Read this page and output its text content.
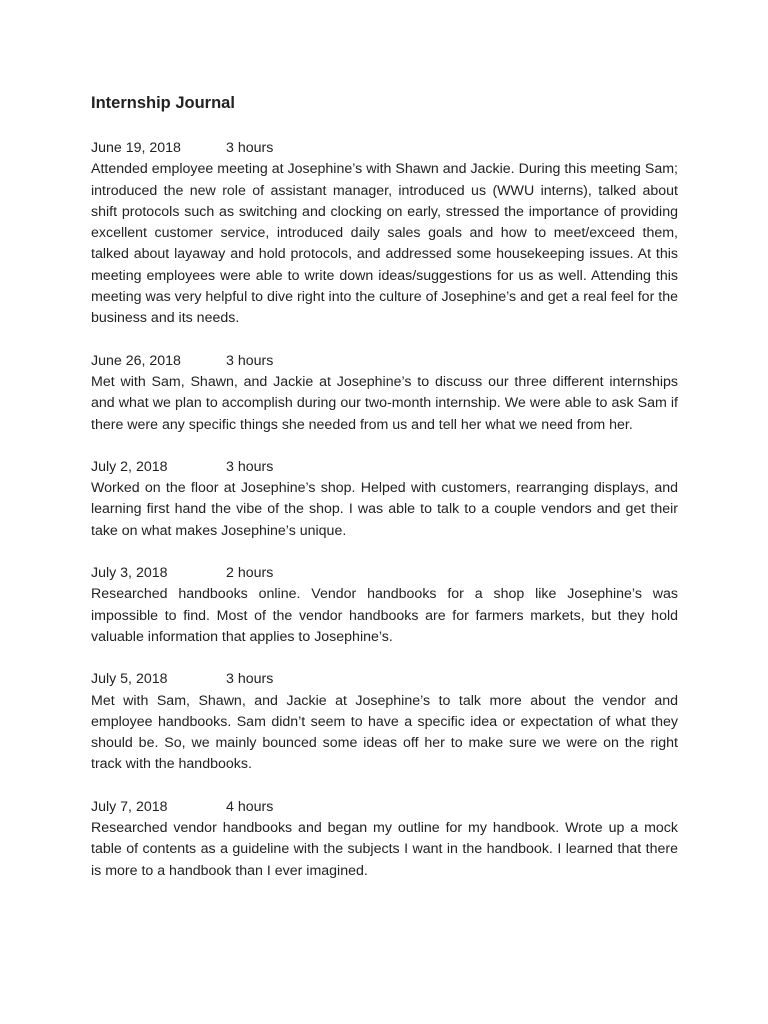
Internship Journal
June 19, 2018	3 hours

Attended employee meeting at Josephine’s with Shawn and Jackie. During this meeting Sam; introduced the new role of assistant manager, introduced us (WWU interns), talked about shift protocols such as switching and clocking on early, stressed the importance of providing excellent customer service, introduced daily sales goals and how to meet/exceed them, talked about layaway and hold protocols, and addressed some housekeeping issues. At this meeting employees were able to write down ideas/suggestions for us as well. Attending this meeting was very helpful to dive right into the culture of Josephine’s and get a real feel for the business and its needs.

June 26, 2018	3 hours

Met with Sam, Shawn, and Jackie at Josephine’s to discuss our three different internships and what we plan to accomplish during our two-month internship. We were able to ask Sam if there were any specific things she needed from us and tell her what we need from her.

July 2, 2018	3 hours

Worked on the floor at Josephine’s shop. Helped with customers, rearranging displays, and learning first hand the vibe of the shop. I was able to talk to a couple vendors and get their take on what makes Josephine’s unique.

July 3, 2018	2 hours

Researched handbooks online. Vendor handbooks for a shop like Josephine’s was impossible to find. Most of the vendor handbooks are for farmers markets, but they hold valuable information that applies to Josephine’s.

July 5, 2018	3 hours

Met with Sam, Shawn, and Jackie at Josephine’s to talk more about the vendor and employee handbooks. Sam didn’t seem to have a specific idea or expectation of what they should be. So, we mainly bounced some ideas off her to make sure we were on the right track with the handbooks.

July 7, 2018	4 hours

Researched vendor handbooks and began my outline for my handbook. Wrote up a mock table of contents as a guideline with the subjects I want in the handbook. I learned that there is more to a handbook than I ever imagined.
